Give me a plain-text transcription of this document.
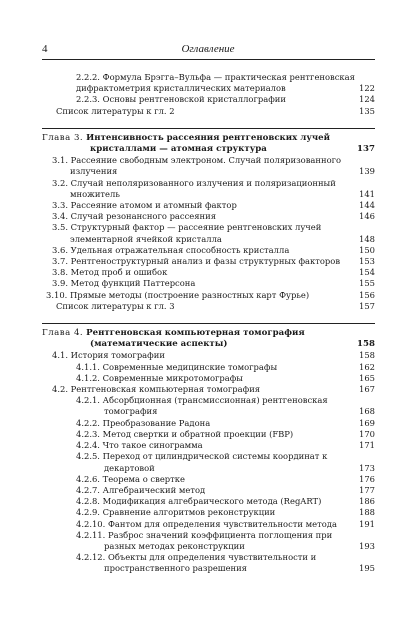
4	Оглавление
2.2.2. Формула Брэгга–Вульфа — практическая рентгеновская дифрактометрия кристаллических материалов	122
2.2.3. Основы рентгеновской кристаллографии	124
Список литературы к гл. 2	135
Глава 3. Интенсивность рассеяния рентгеновских лучей кристаллами — атомная структура	137
3.1. Рассеяние свободным электроном. Случай поляризованного излучения	139
3.2. Случай неполяризованного излучения и поляризационный множитель	141
3.3. Рассеяние атомом и атомный фактор	144
3.4. Случай резонансного рассеяния	146
3.5. Структурный фактор — рассеяние рентгеновских лучей элементарной ячейкой кристалла	148
3.6. Удельная отражательная способность кристалла	150
3.7. Рентгеноструктурный анализ и фазы структурных факторов	153
3.8. Метод проб и ошибок	154
3.9. Метод функций Паттерсона	155
3.10. Прямые методы (построение разностных карт Фурье)	156
Список литературы к гл. 3	157
Глава 4. Рентгеновская компьютерная томография (математические аспекты)	158
4.1. История томографии	158
4.1.1. Современные медицинские томографы	162
4.1.2. Современные микротомографы	165
4.2. Рентгеновская компьютерная томография	167
4.2.1. Абсорбционная (трансмиссионная) рентгеновская томография	168
4.2.2. Преобразование Радона	169
4.2.3. Метод свертки и обратной проекции (FBP)	170
4.2.4. Что такое синограмма	171
4.2.5. Переход от цилиндрической системы координат к декартовой	173
4.2.6. Теорема о свертке	176
4.2.7. Алгебраический метод	177
4.2.8. Модификация алгебраического метода (RegART)	186
4.2.9. Сравнение алгоритмов реконструкции	188
4.2.10. Фантом для определения чувствительности метода	191
4.2.11. Разброс значений коэффициента поглощения при разных методах реконструкции	193
4.2.12. Объекты для определения чувствительности и пространственного разрешения	195
